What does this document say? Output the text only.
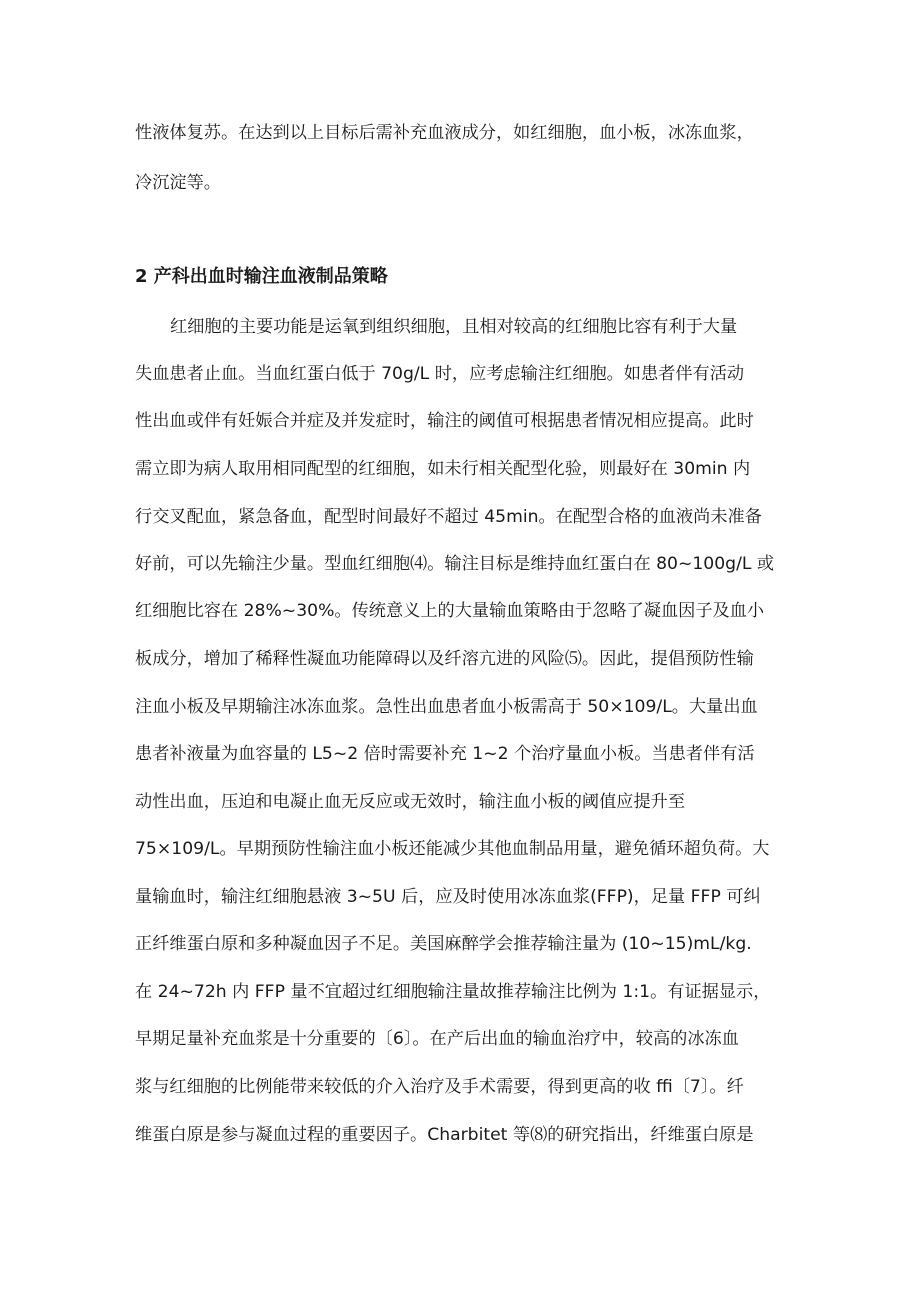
性液体复苏。在达到以上目标后需补充血液成分，如红细胞，血小板，冰冻血浆，
冷沉淀等。
2 产科出血时输注血液制品策略
红细胞的主要功能是运氧到组织细胞，且相对较高的红细胞比容有利于大量
失血患者止血。当血红蛋白低于 70g/L 时，应考虑输注红细胞。如患者伴有活动
性出血或伴有妊娠合并症及并发症时，输注的阈值可根据患者情况相应提高。此时
需立即为病人取用相同配型的红细胞，如未行相关配型化验，则最好在 30min 内
行交叉配血，紧急备血，配型时间最好不超过 45min。在配型合格的血液尚未准备
好前，可以先输注少量。型血红细胞⑷。输注目标是维持血红蛋白在 80~100g/L 或
红细胞比容在 28%~30%。传统意义上的大量输血策略由于忽略了凝血因子及血小
板成分，增加了稀释性凝血功能障碍以及纤溶亢进的风险⑸。因此，提倡预防性输
注血小板及早期输注冰冻血浆。急性出血患者血小板需高于 50×109/L。大量出血
患者补液量为血容量的 L5~2 倍时需要补充 1~2 个治疗量血小板。当患者伴有活
动性出血，压迫和电凝止血无反应或无效时，输注血小板的阈值应提升至
75×109/L。早期预防性输注血小板还能减少其他血制品用量，避免循环超负荷。大
量输血时，输注红细胞悬液 3~5U 后，应及时使用冰冻血浆(FFP)，足量 FFP 可纠
正纤维蛋白原和多种凝血因子不足。美国麻醉学会推荐输注量为 (10~15)mL/kg.
在 24~72h 内 FFP 量不宜超过红细胞输注量故推荐输注比例为 1:1。有证据显示，
早期足量补充血浆是十分重要的〔6〕。在产后出血的输血治疗中，较高的冰冻血
浆与红细胞的比例能带来较低的介入治疗及手术需要，得到更高的收 ffi〔7〕。纤
维蛋白原是参与凝血过程的重要因子。Charbitet 等⑻的研究指出，纤维蛋白原是
